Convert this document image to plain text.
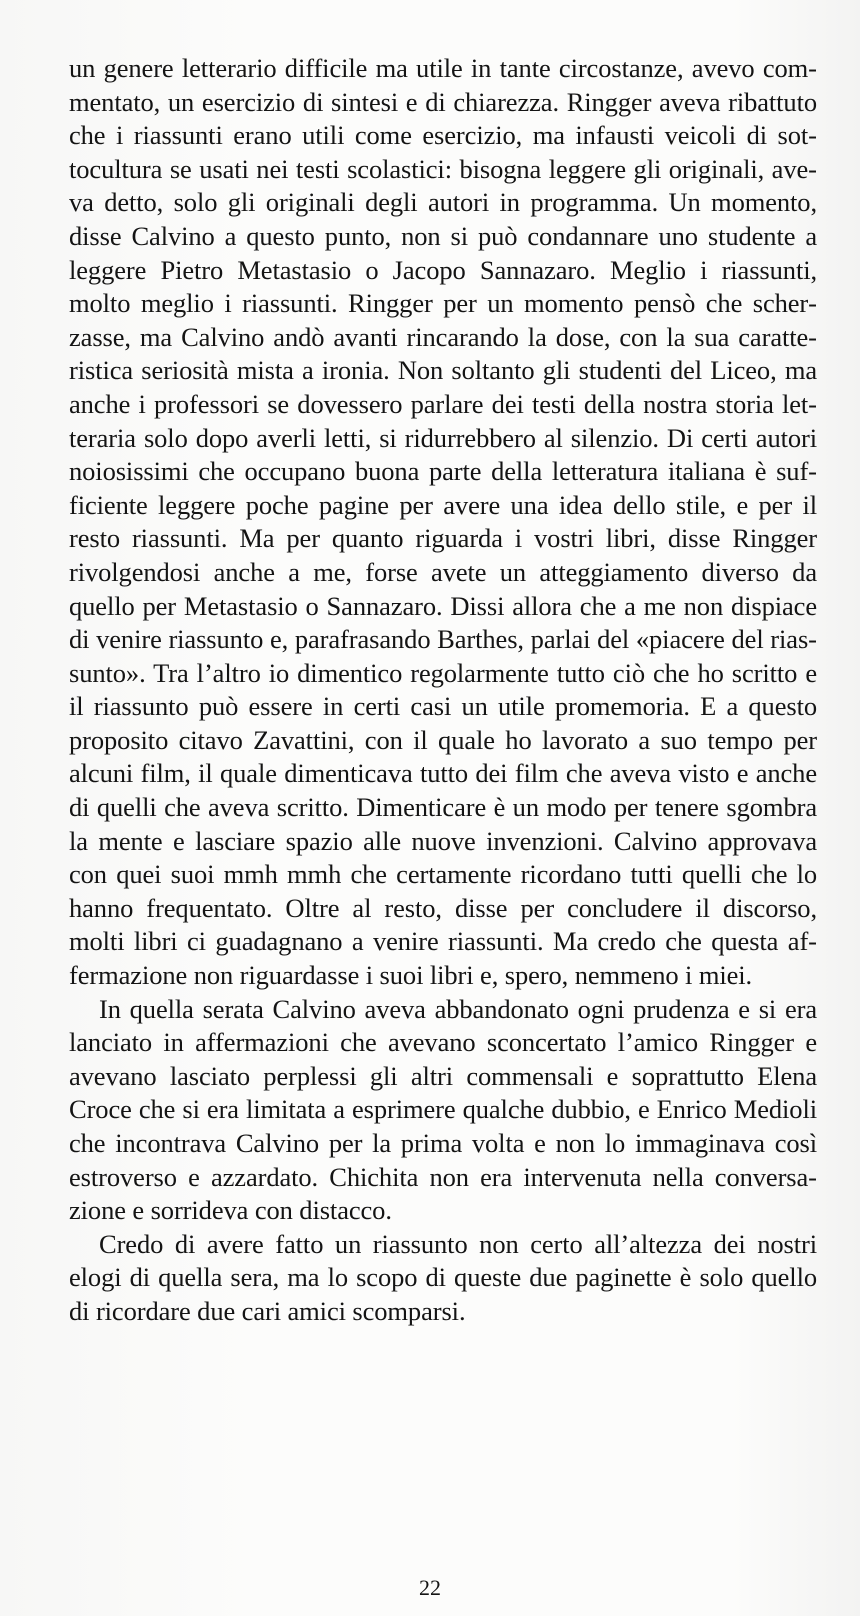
un genere letterario difficile ma utile in tante circostanze, avevo commentato, un esercizio di sintesi e di chiarezza. Ringger aveva ribattuto che i riassunti erano utili come esercizio, ma infausti veicoli di sottocultura se usati nei testi scolastici: bisogna leggere gli originali, aveva detto, solo gli originali degli autori in programma. Un momento, disse Calvino a questo punto, non si può condannare uno studente a leggere Pietro Metastasio o Jacopo Sannazaro. Meglio i riassunti, molto meglio i riassunti. Ringger per un momento pensò che scherzasse, ma Calvino andò avanti rincarando la dose, con la sua caratteristica seriosità mista a ironia. Non soltanto gli studenti del Liceo, ma anche i professori se dovessero parlare dei testi della nostra storia letteraria solo dopo averli letti, si ridurrebbero al silenzio. Di certi autori noiosissimi che occupano buona parte della letteratura italiana è sufficiente leggere poche pagine per avere una idea dello stile, e per il resto riassunti. Ma per quanto riguarda i vostri libri, disse Ringger rivolgendosi anche a me, forse avete un atteggiamento diverso da quello per Metastasio o Sannazaro. Dissi allora che a me non dispiace di venire riassunto e, parafrasando Barthes, parlai del «piacere del riassunto». Tra l’altro io dimentico regolarmente tutto ciò che ho scritto e il riassunto può essere in certi casi un utile promemoria. E a questo proposito citavo Zavattini, con il quale ho lavorato a suo tempo per alcuni film, il quale dimenticava tutto dei film che aveva visto e anche di quelli che aveva scritto. Dimenticare è un modo per tenere sgombra la mente e lasciare spazio alle nuove invenzioni. Calvino approvava con quei suoi mmh mmh che certamente ricordano tutti quelli che lo hanno frequentato. Oltre al resto, disse per concludere il discorso, molti libri ci guadagnano a venire riassunti. Ma credo che questa affermazione non riguardasse i suoi libri e, spero, nemmeno i miei.

In quella serata Calvino aveva abbandonato ogni prudenza e si era lanciato in affermazioni che avevano sconcertato l’amico Ringger e avevano lasciato perplessi gli altri commensali e soprattutto Elena Croce che si era limitata a esprimere qualche dubbio, e Enrico Medioli che incontrava Calvino per la prima volta e non lo immaginava così estroverso e azzardato. Chichita non era intervenuta nella conversazione e sorrideva con distacco.

Credo di avere fatto un riassunto non certo all’altezza dei nostri elogi di quella sera, ma lo scopo di queste due paginette è solo quello di ricordare due cari amici scomparsi.

22
